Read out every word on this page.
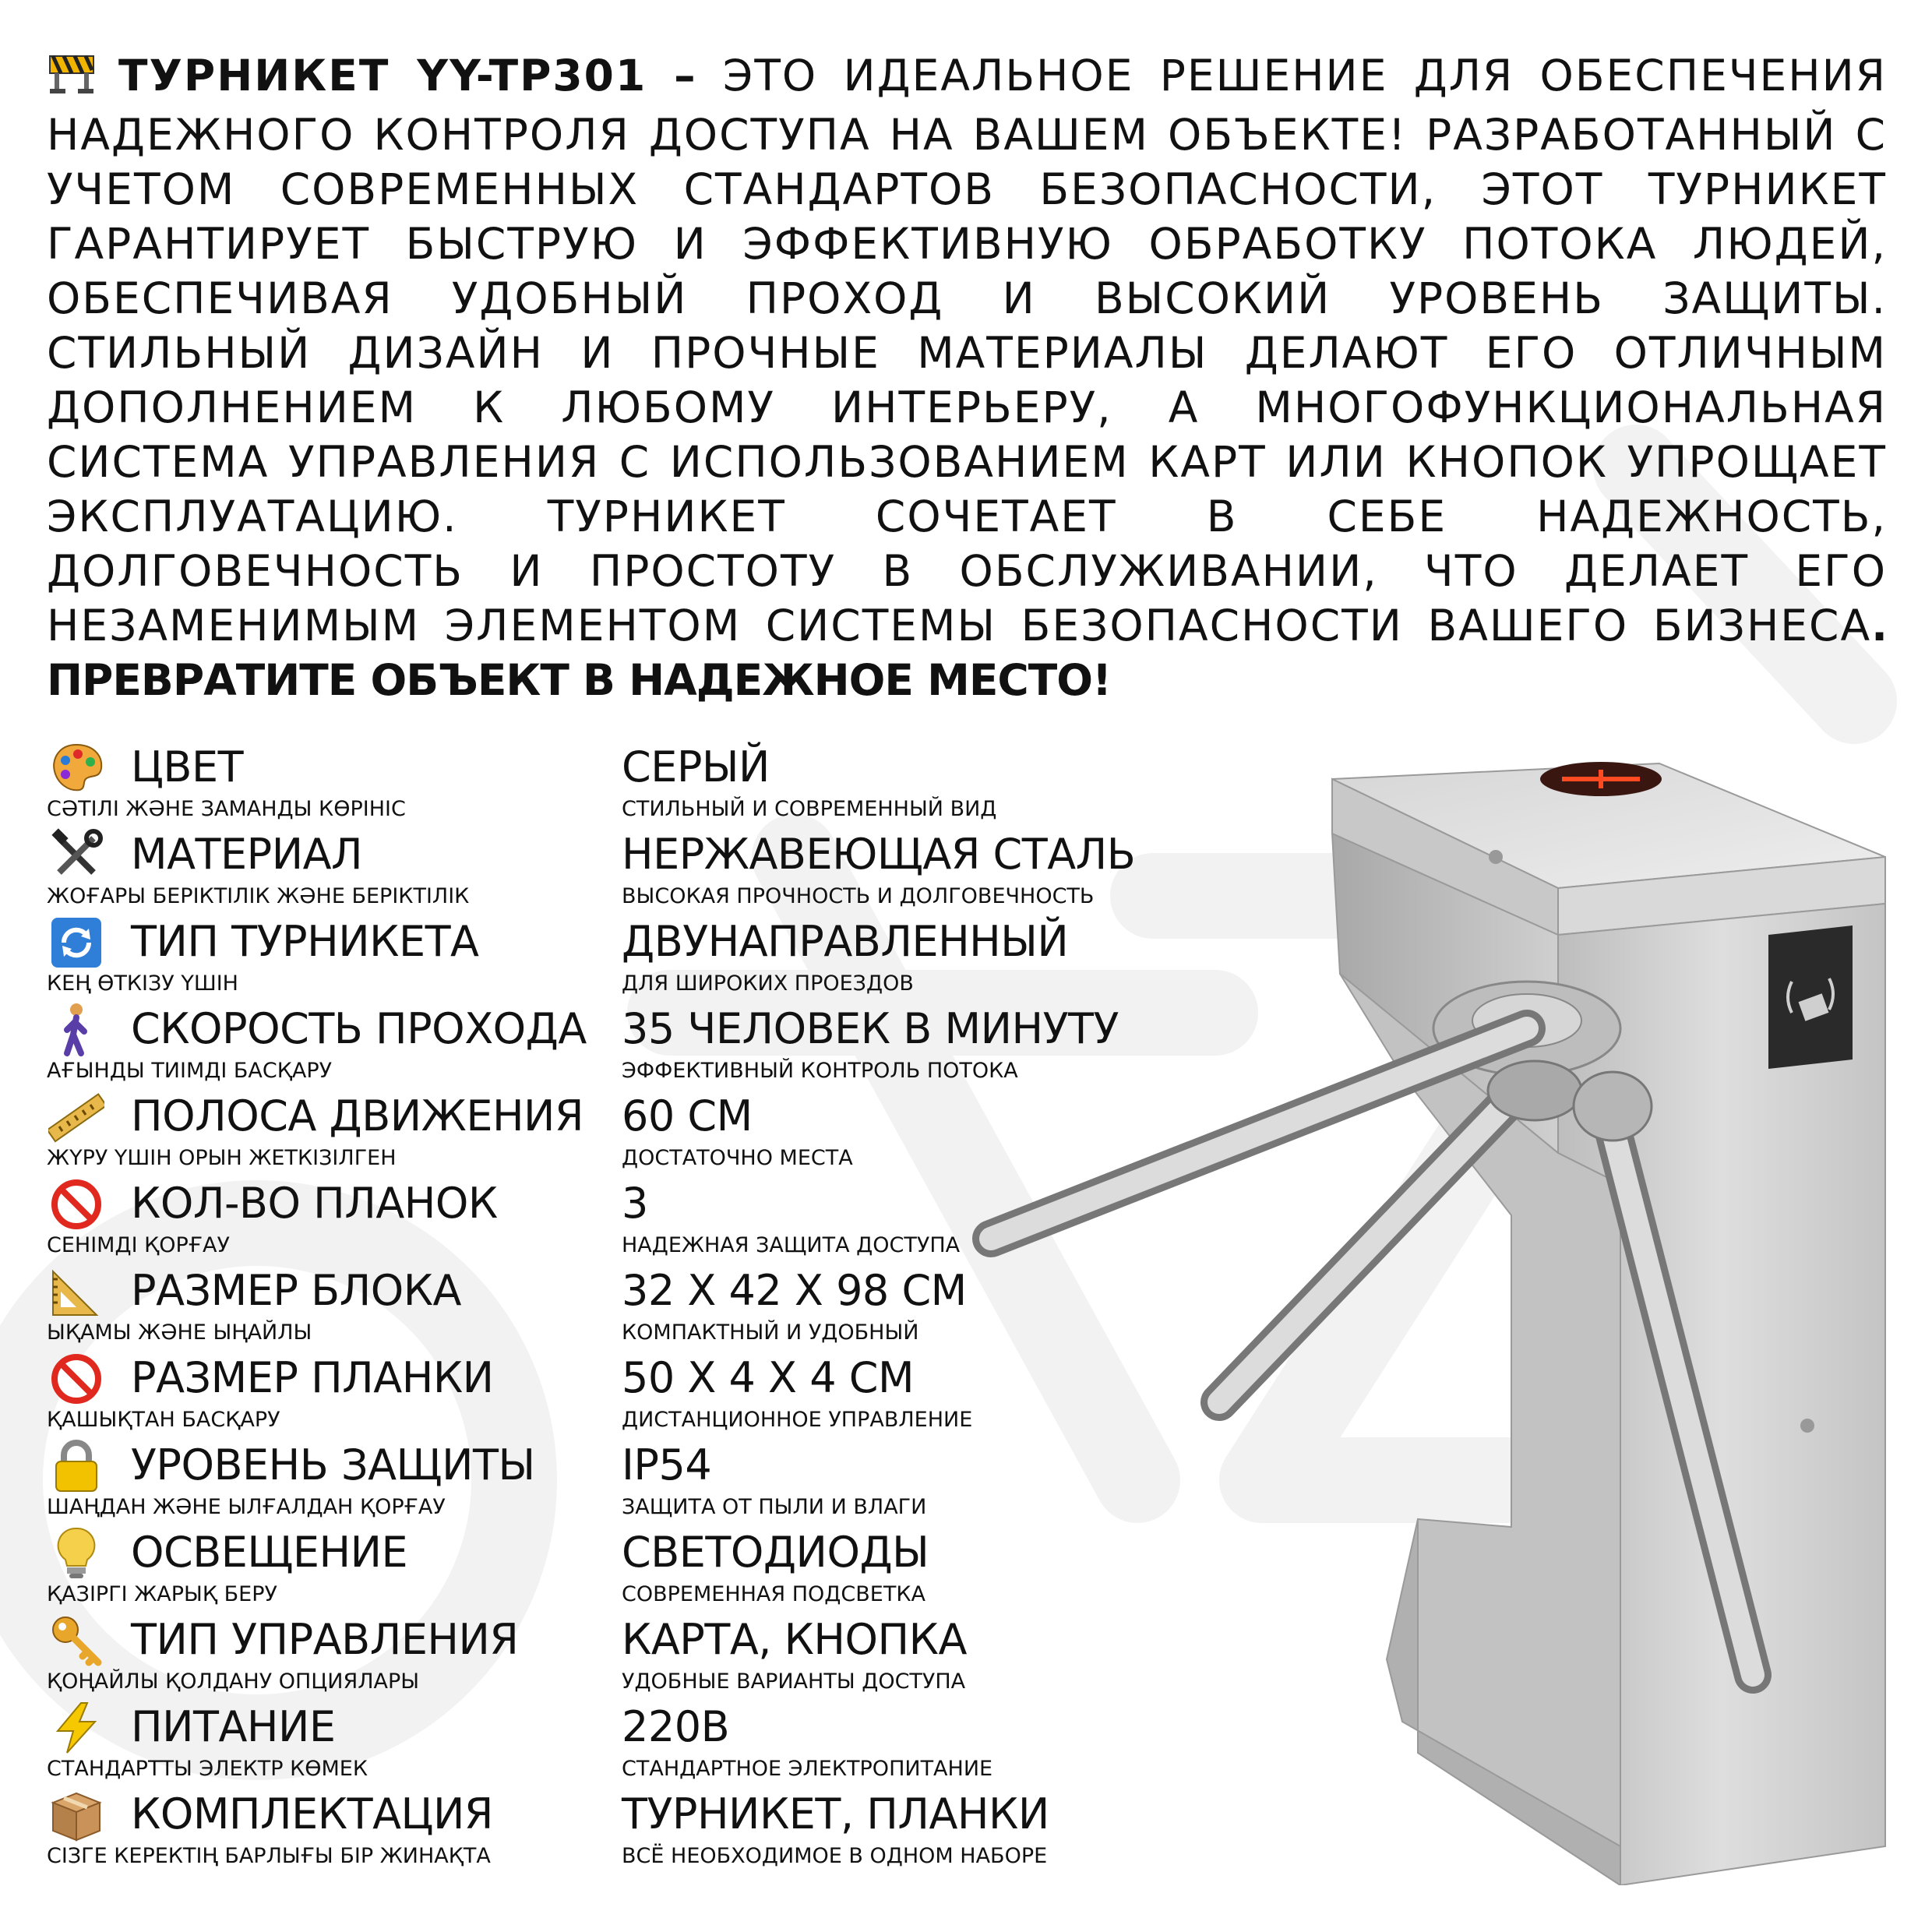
ТУРНИКЕТ YY-TP301 – ЭТО ИДЕАЛЬНОЕ РЕШЕНИЕ ДЛЯ ОБЕСПЕЧЕНИЯ НАДЕЖНОГО КОНТРОЛЯ ДОСТУПА НА ВАШЕМ ОБЪЕКТЕ! РАЗРАБОТАННЫЙ С УЧЕТОМ СОВРЕМЕННЫХ СТАНДАРТОВ БЕЗОПАСНОСТИ, ЭТОТ ТУРНИКЕТ ГАРАНТИРУЕТ БЫСТРУЮ И ЭФФЕКТИВНУЮ ОБРАБОТКУ ПОТОКА ЛЮДЕЙ, ОБЕСПЕЧИВАЯ УДОБНЫЙ ПРОХОД И ВЫСОКИЙ УРОВЕНЬ ЗАЩИТЫ. СТИЛЬНЫЙ ДИЗАЙН И ПРОЧНЫЕ МАТЕРИАЛЫ ДЕЛАЮТ ЕГО ОТЛИЧНЫМ ДОПОЛНЕНИЕМ К ЛЮБОМУ ИНТЕРЬЕРУ, А МНОГОФУНКЦИОНАЛЬНАЯ СИСТЕМА УПРАВЛЕНИЯ С ИСПОЛЬЗОВАНИЕМ КАРТ ИЛИ КНОПОК УПРОЩАЕТ ЭКСПЛУАТАЦИЮ. ТУРНИКЕТ СОЧЕТАЕТ В СЕБЕ НАДЕЖНОСТЬ, ДОЛГОВЕЧНОСТЬ И ПРОСТОТУ В ОБСЛУЖИВАНИИ, ЧТО ДЕЛАЕТ ЕГО НЕЗАМЕНИМЫМ ЭЛЕМЕНТОМ СИСТЕМЫ БЕЗОПАСНОСТИ ВАШЕГО БИЗНЕСА. ПРЕВРАТИТЕ ОБЪЕКТ В НАДЕЖНОЕ МЕСТО!
ЦВЕТ
СӘТІЛІ ЖӘНЕ ЗАМАНДЫ КӨРІНІС
СЕРЫЙ
СТИЛЬНЫЙ И СОВРЕМЕННЫЙ ВИД
МАТЕРИАЛ
ЖОҒАРЫ БЕРІКТІЛІК ЖӘНЕ БЕРІКТІЛІК
НЕРЖАВЕЮЩАЯ СТАЛЬ
ВЫСОКАЯ ПРОЧНОСТЬ И ДОЛГОВЕЧНОСТЬ
ТИП ТУРНИКЕТА
КЕҢ ӨТКІЗУ ҮШІН
ДВУНАПРАВЛЕННЫЙ
ДЛЯ ШИРОКИХ ПРОЕЗДОВ
СКОРОСТЬ ПРОХОДА
АҒЫНДЫ ТИІМДІ БАСҚАРУ
35 ЧЕЛОВЕК В МИНУТУ
ЭФФЕКТИВНЫЙ КОНТРОЛЬ ПОТОКА
ПОЛОСА ДВИЖЕНИЯ
ЖҮРУ ҮШІН ОРЫН ЖЕТКІЗІЛГЕН
60 СМ
ДОСТАТОЧНО МЕСТА
КОЛ-ВО ПЛАНОК
СЕНІМДІ ҚОРҒАУ
3
НАДЕЖНАЯ ЗАЩИТА ДОСТУПА
РАЗМЕР БЛОКА
ЫҚАМЫ ЖӘНЕ ЫҢАЙЛЫ
32 Х 42 Х 98 СМ
КОМПАКТНЫЙ И УДОБНЫЙ
РАЗМЕР ПЛАНКИ
ҚАШЫҚТАН БАСҚАРУ
50 Х 4 Х 4 СМ
ДИСТАНЦИОННОЕ УПРАВЛЕНИЕ
УРОВЕНЬ ЗАЩИТЫ
ШАҢДАН ЖӘНЕ ЫЛҒАЛДАН ҚОРҒАУ
IP54
ЗАЩИТА ОТ ПЫЛИ И ВЛАГИ
ОСВЕЩЕНИЕ
ҚАЗІРГІ ЖАРЫҚ БЕРУ
СВЕТОДИОДЫ
СОВРЕМЕННАЯ ПОДСВЕТКА
ТИП УПРАВЛЕНИЯ
ҚОҢАЙЛЫ ҚОЛДАНУ ОПЦИЯЛАРЫ
КАРТА, КНОПКА
УДОБНЫЕ ВАРИАНТЫ ДОСТУПА
ПИТАНИЕ
СТАНДАРТТЫ ЭЛЕКТР КӨМЕК
220В
СТАНДАРТНОЕ ЭЛЕКТРОПИТАНИЕ
КОМПЛЕКТАЦИЯ
СІЗГЕ КЕРЕКТІҢ БАРЛЫҒЫ БІР ЖИНАҚТА
ТУРНИКЕТ, ПЛАНКИ
ВСЁ НЕОБХОДИМОЕ В ОДНОМ НАБОРЕ
